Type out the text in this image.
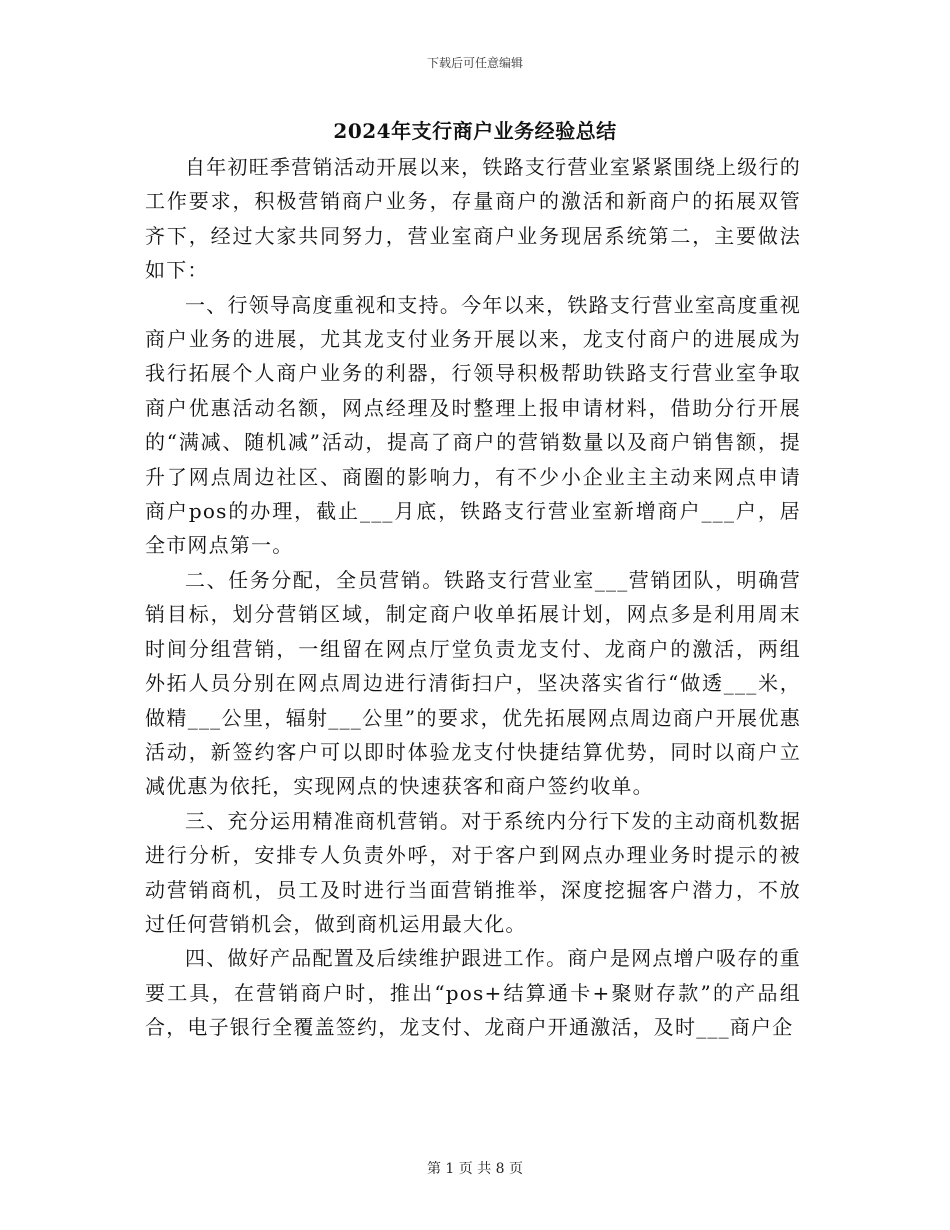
下载后可任意编辑
2024年支行商户业务经验总结

自年初旺季营销活动开展以来，铁路支行营业室紧紧围绕上级行的工作要求，积极营销商户业务，存量商户的激活和新商户的拓展双管齐下，经过大家共同努力，营业室商户业务现居系统第二，主要做法如下：

一、行领导高度重视和支持。今年以来，铁路支行营业室高度重视商户业务的进展，尤其龙支付业务开展以来，龙支付商户的进展成为我行拓展个人商户业务的利器，行领导积极帮助铁路支行营业室争取商户优惠活动名额，网点经理及时整理上报申请材料，借助分行开展的“满减、随机减”活动，提高了商户的营销数量以及商户销售额，提升了网点周边社区、商圈的影响力，有不少小企业主主动来网点申请商户pos的办理，截止___月底，铁路支行营业室新增商户___户，居全市网点第一。

二、任务分配，全员营销。铁路支行营业室___营销团队，明确营销目标，划分营销区域，制定商户收单拓展计划，网点多是利用周末时间分组营销，一组留在网点厅堂负责龙支付、龙商户的激活，两组外拓人员分别在网点周边进行清街扫户，坚决落实省行“做透___米，做精___公里，辐射___公里”的要求，优先拓展网点周边商户开展优惠活动，新签约客户可以即时体验龙支付快捷结算优势，同时以商户立减优惠为依托，实现网点的快速获客和商户签约收单。

三、充分运用精准商机营销。对于系统内分行下发的主动商机数据进行分析，安排专人负责外呼，对于客户到网点办理业务时提示的被动营销商机，员工及时进行当面营销推举，深度挖掘客户潜力，不放过任何营销机会，做到商机运用最大化。

四、做好产品配置及后续维护跟进工作。商户是网点增户吸存的重要工具，在营销商户时，推出“pos+结算通卡+聚财存款”的产品组合，电子银行全覆盖签约，龙支付、龙商户开通激活，及时___商户企

第 1 页 共 8 页
